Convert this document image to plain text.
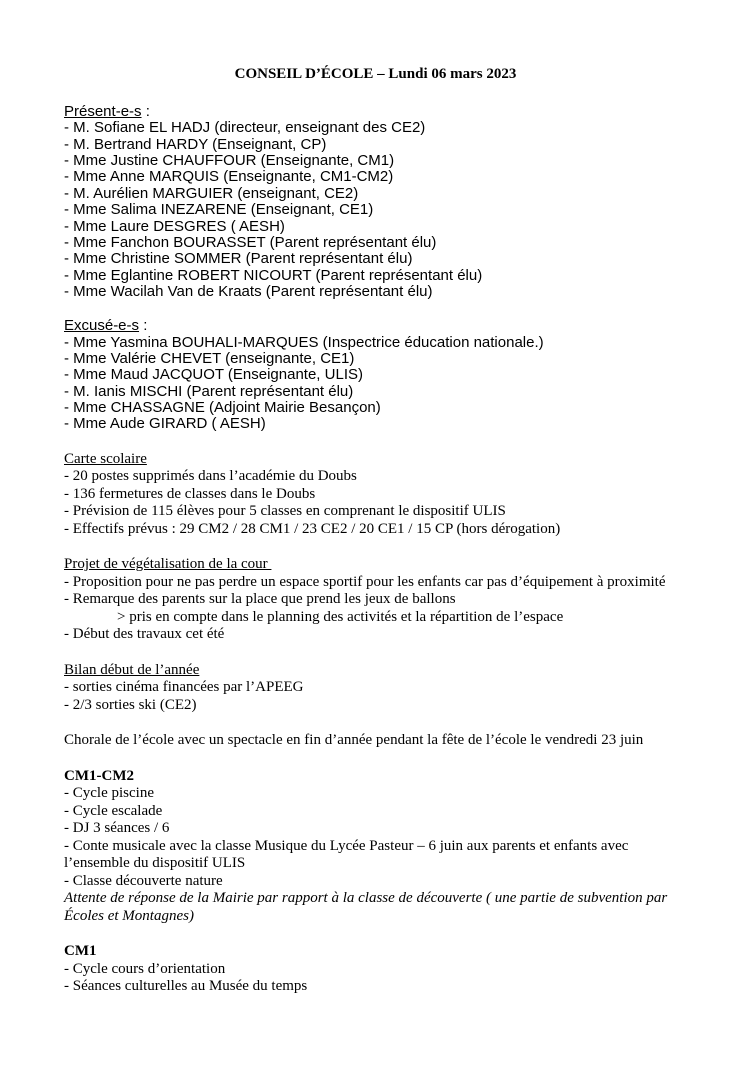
CONSEIL D’ÉCOLE – Lundi 06 mars 2023
Présent-e-s :

- M. Sofiane EL HADJ (directeur, enseignant des CE2)

- M. Bertrand HARDY (Enseignant, CP)

- Mme Justine CHAUFFOUR (Enseignante, CM1)

- Mme Anne MARQUIS (Enseignante, CM1-CM2)

- M. Aurélien MARGUIER (enseignant, CE2)

- Mme Salima INEZARENE (Enseignant, CE1)

- Mme Laure DESGRES ( AESH)

- Mme Fanchon BOURASSET (Parent représentant élu)

- Mme Christine SOMMER (Parent représentant élu)

- Mme Eglantine ROBERT NICOURT (Parent représentant élu)

- Mme Wacilah Van de Kraats (Parent représentant élu)

Excusé-e-s :

- Mme Yasmina BOUHALI-MARQUES (Inspectrice éducation nationale.)

- Mme Valérie CHEVET (enseignante, CE1)

- Mme Maud JACQUOT (Enseignante, ULIS)

- M. Ianis MISCHI (Parent représentant élu)

- Mme CHASSAGNE (Adjoint Mairie Besançon)

- Mme Aude GIRARD ( AESH)

Carte scolaire

- 20 postes supprimés dans l’académie du Doubs

- 136 fermetures de classes dans le Doubs

- Prévision de 115 élèves pour 5 classes en comprenant le dispositif ULIS

- Effectifs prévus : 29 CM2 / 28 CM1 / 23 CE2 / 20 CE1 / 15 CP (hors dérogation)

Projet de végétalisation de la cour

- Proposition pour ne pas perdre un espace sportif pour les enfants car pas d’équipement à proximité

- Remarque des parents sur la place que prend les jeux de ballons

> pris en compte dans le planning des activités et la répartition de l’espace

- Début des travaux cet été

Bilan début de l’année

- sorties cinéma financées par l’APEEG

- 2/3 sorties ski (CE2)

Chorale de l’école avec un spectacle en fin d’année pendant la fête de l’école le vendredi 23 juin

CM1-CM2

- Cycle piscine

- Cycle escalade

- DJ 3 séances / 6

- Conte musicale avec la classe Musique du Lycée Pasteur – 6 juin aux parents et enfants avec l’ensemble du dispositif ULIS

- Classe découverte nature

Attente de réponse de la Mairie par rapport à la classe de découverte ( une partie de subvention par Écoles et Montagnes)

CM1

- Cycle cours d’orientation

- Séances culturelles au Musée du temps
